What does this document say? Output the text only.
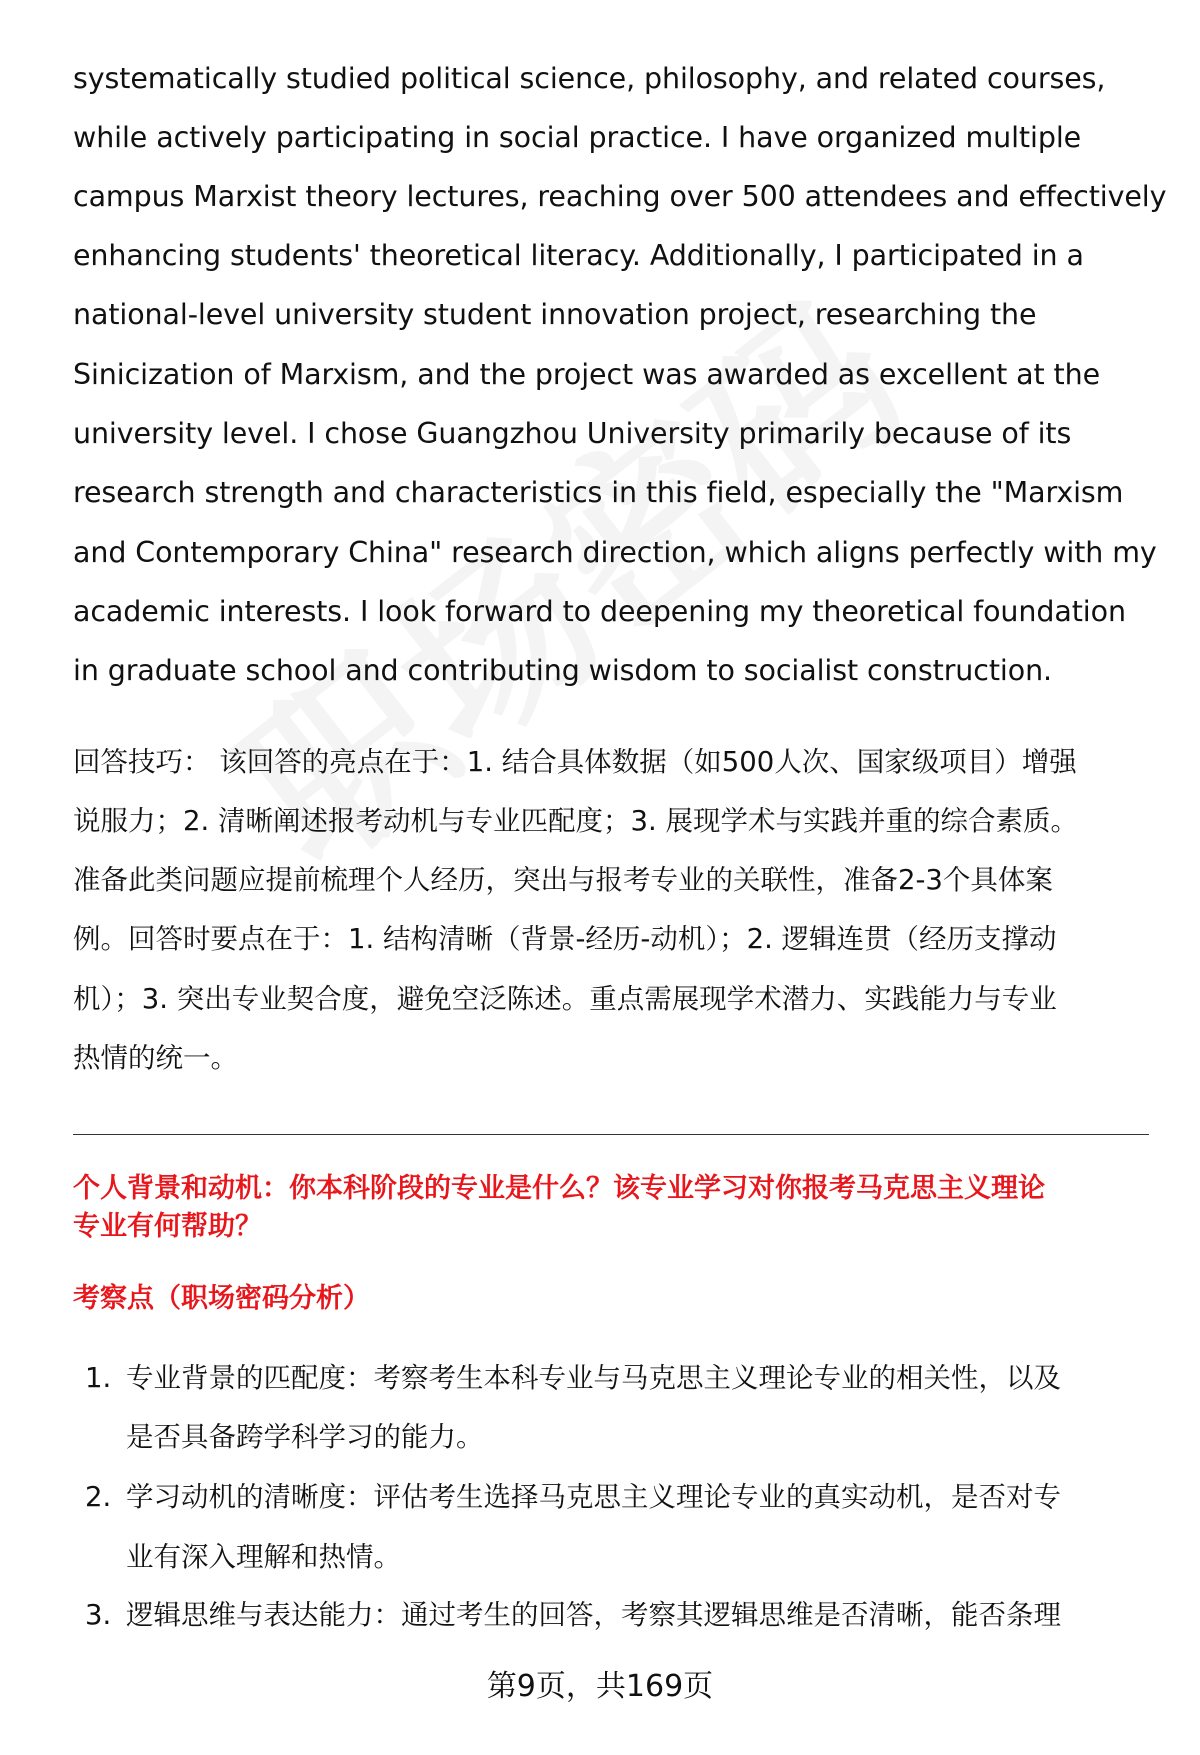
systematically studied political science, philosophy, and related courses,
while actively participating in social practice. I have organized multiple
campus Marxist theory lectures, reaching over 500 attendees and effectively
enhancing students' theoretical literacy. Additionally, I participated in a
national-level university student innovation project, researching the
Sinicization of Marxism, and the project was awarded as excellent at the
university level. I chose Guangzhou University primarily because of its
research strength and characteristics in this field, especially the "Marxism
and Contemporary China" research direction, which aligns perfectly with my
academic interests. I look forward to deepening my theoretical foundation
in graduate school and contributing wisdom to socialist construction.
回答技巧： 该回答的亮点在于：1. 结合具体数据（如500人次、国家级项目）增强
说服力；2. 清晰阐述报考动机与专业匹配度；3. 展现学术与实践并重的综合素质。
准备此类问题应提前梳理个人经历，突出与报考专业的关联性，准备2-3个具体案
例。回答时要点在于：1. 结构清晰（背景-经历-动机）；2. 逻辑连贯（经历支撑动
机）；3. 突出专业契合度，避免空泛陈述。重点需展现学术潜力、实践能力与专业
热情的统一。
个人背景和动机：你本科阶段的专业是什么？该专业学习对你报考马克思主义理论
专业有何帮助？
考察点（职场密码分析）
1. 专业背景的匹配度：考察考生本科专业与马克思主义理论专业的相关性，以及
是否具备跨学科学习的能力。
2. 学习动机的清晰度：评估考生选择马克思主义理论专业的真实动机，是否对专
业有深入理解和热情。
3. 逻辑思维与表达能力：通过考生的回答，考察其逻辑思维是否清晰，能否条理
第9页，共169页
